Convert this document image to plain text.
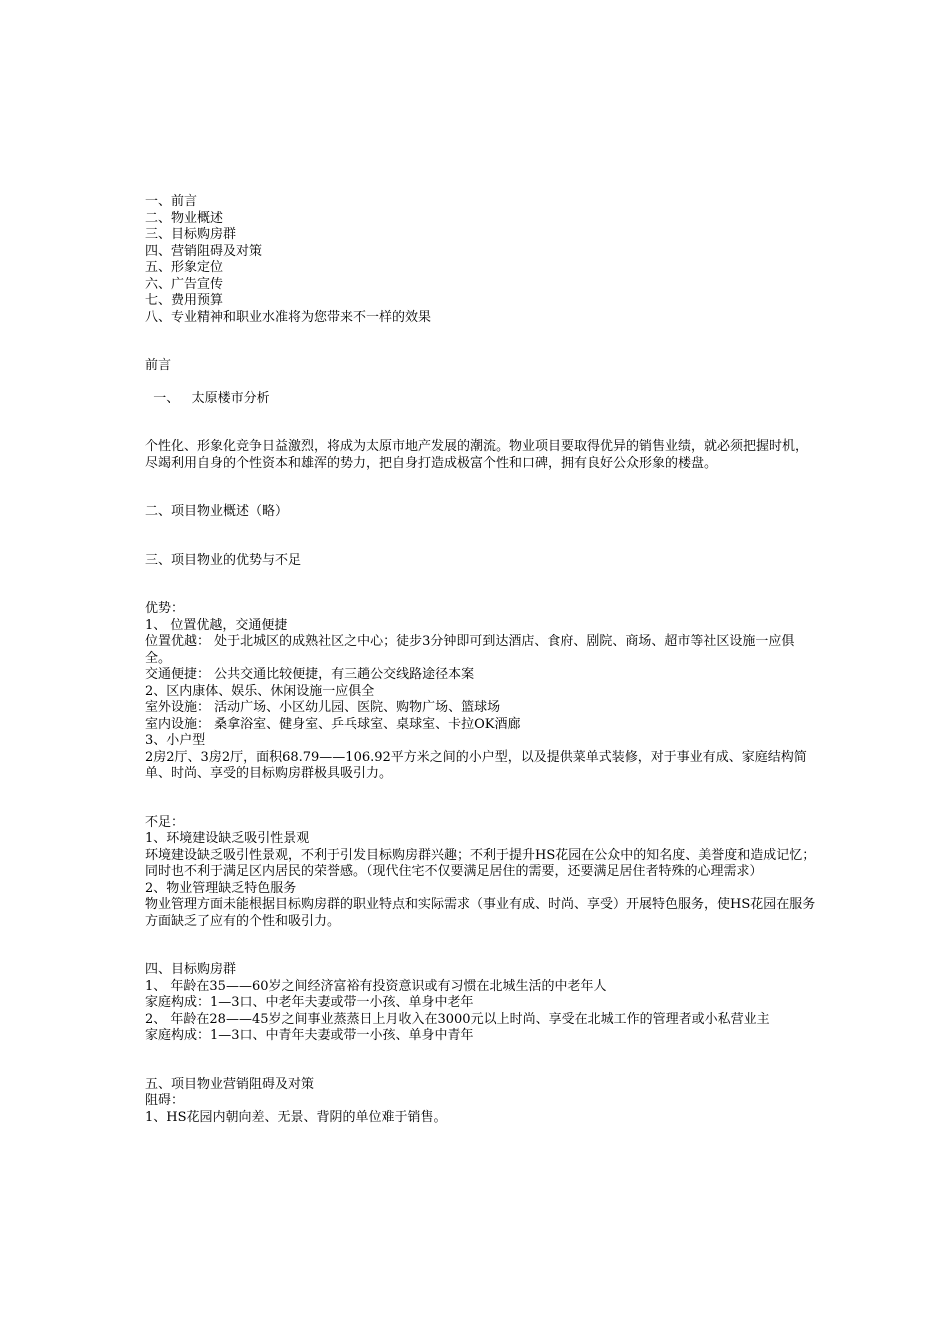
一、前言
二、物业概述
三、目标购房群
四、营销阻碍及对策
五、形象定位
六、广告宣传
七、费用预算
八、专业精神和职业水准将为您带来不一样的效果
前言
一、   太原楼市分析
个性化、形象化竞争日益激烈，将成为太原市地产发展的潮流。物业项目要取得优异的销售业绩，就必须把握时机，尽竭利用自身的个性资本和雄浑的势力，把自身打造成极富个性和口碑，拥有良好公众形象的楼盘。
二、项目物业概述（略）
三、项目物业的优势与不足
优势：
1、 位置优越，交通便捷
位置优越： 处于北城区的成熟社区之中心；徒步3分钟即可到达酒店、食府、剧院、商场、超市等社区设施一应俱全。
交通便捷： 公共交通比较便捷，有三趟公交线路途径本案
2、区内康体、娱乐、休闲设施一应俱全
室外设施： 活动广场、小区幼儿园、医院、购物广场、篮球场
室内设施： 桑拿浴室、健身室、乒乓球室、桌球室、卡拉OK酒廊
3、小户型
2房2厅、3房2厅，面积68.79——106.92平方米之间的小户型，以及提供菜单式装修，对于事业有成、家庭结构简单、时尚、享受的目标购房群极具吸引力。
不足：
1、环境建设缺乏吸引性景观
环境建设缺乏吸引性景观，不利于引发目标购房群兴趣；不利于提升HS花园在公众中的知名度、美誉度和造成记忆；同时也不利于满足区内居民的荣誉感。（现代住宅不仅要满足居住的需要，还要满足居住者特殊的心理需求）
2、物业管理缺乏特色服务
物业管理方面未能根据目标购房群的职业特点和实际需求（事业有成、时尚、享受）开展特色服务，使HS花园在服务方面缺乏了应有的个性和吸引力。
四、目标购房群
1、 年龄在35——60岁之间经济富裕有投资意识或有习惯在北城生活的中老年人
家庭构成：1—3口、中老年夫妻或带一小孩、单身中老年
2、 年龄在28——45岁之间事业蒸蒸日上月收入在3000元以上时尚、享受在北城工作的管理者或小私营业主
家庭构成：1—3口、中青年夫妻或带一小孩、单身中青年
五、项目物业营销阻碍及对策
阻碍：
1、HS花园内朝向差、无景、背阴的单位难于销售。
